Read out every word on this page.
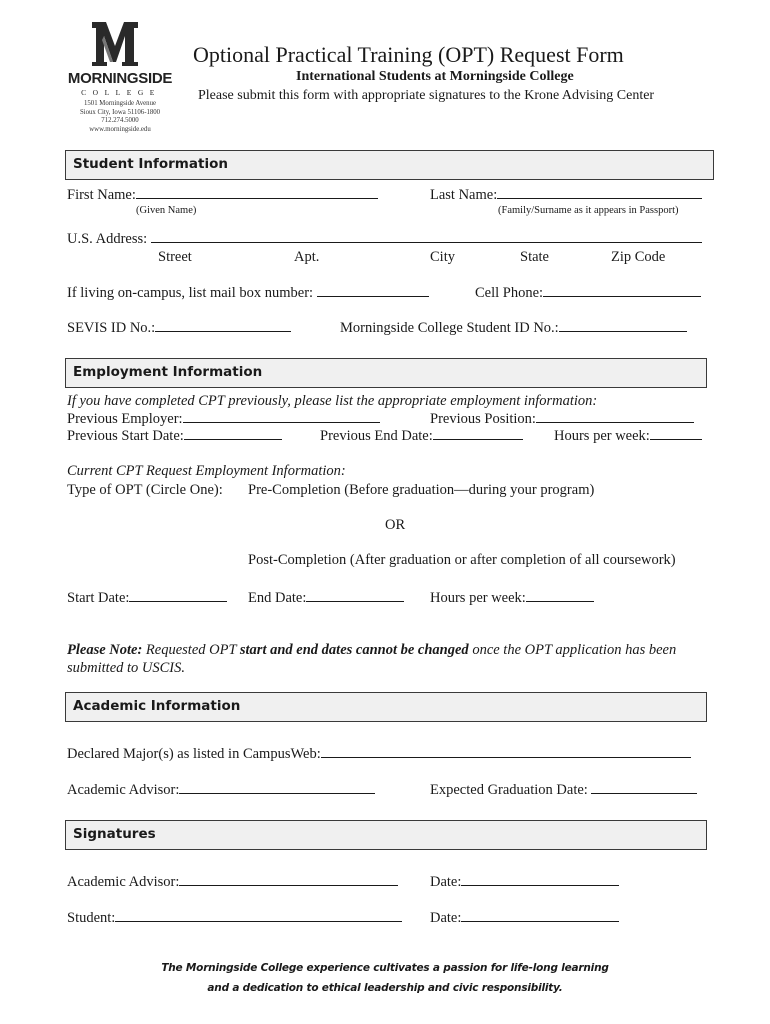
MORNINGSIDE
COLLEGE
1501 Morningside Avenue
Sioux City, Iowa 51106-1800
712.274.5000
www.morningside.edu
Optional Practical Training (OPT) Request Form
International Students at Morningside College
Please submit this form with appropriate signatures to the Krone Advising Center
Student Information
First Name:
(Given Name)
Last Name:
(Family/Surname as it appears in Passport)
U.S. Address:
Street	Apt.	City	State	Zip Code
If living on-campus, list mail box number:	Cell Phone:
SEVIS ID No.:	Morningside College Student ID No.:
Employment Information
If you have completed CPT previously, please list the appropriate employment information:
Previous Employer:	Previous Position:
Previous Start Date:	Previous End Date:	Hours per week:
Current CPT Request Employment Information:
Type of OPT (Circle One): Pre-Completion (Before graduation—during your program)
OR
Post-Completion (After graduation or after completion of all coursework)
Start Date:	End Date:	Hours per week:
Please Note: Requested OPT start and end dates cannot be changed once the OPT application has been
submitted to USCIS.
Academic Information
Declared Major(s) as listed in CampusWeb:
Academic Advisor:	Expected Graduation Date:
Signatures
Academic Advisor:	Date:
Student:	Date:
The Morningside College experience cultivates a passion for life-long learning
and a dedication to ethical leadership and civic responsibility.
